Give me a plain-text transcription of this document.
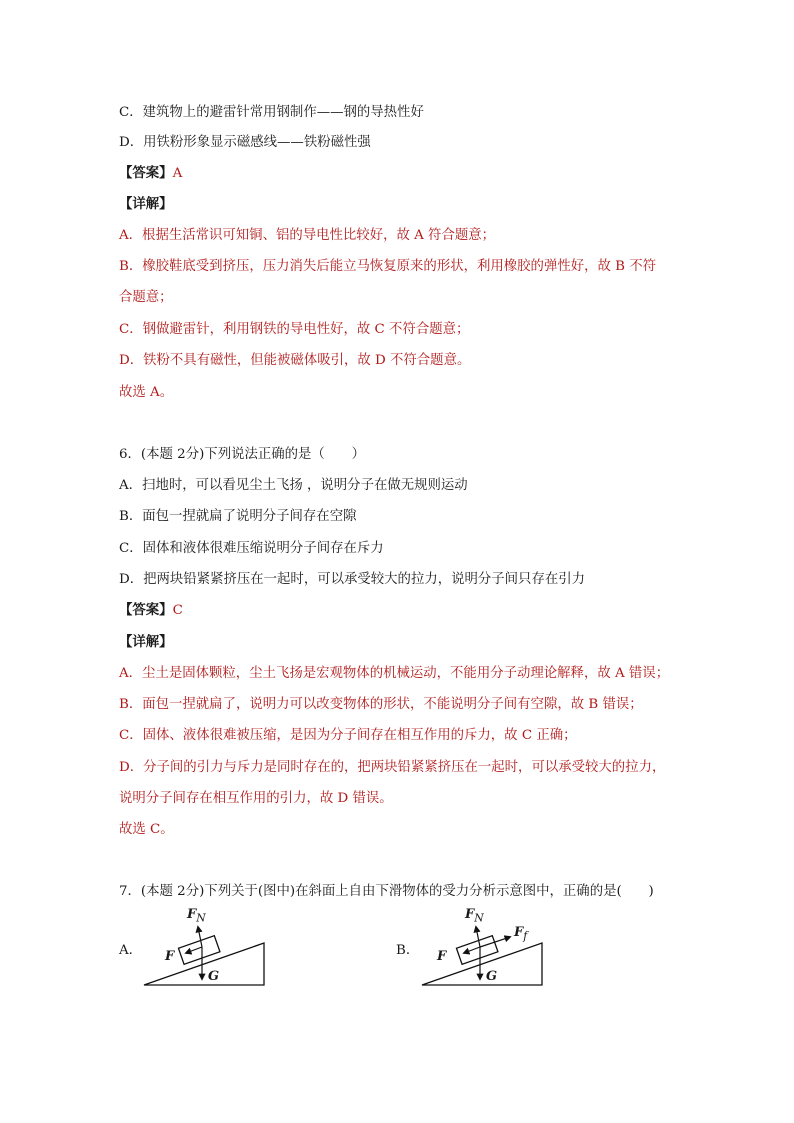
C．建筑物上的避雷针常用钢制作——钢的导热性好
D．用铁粉形象显示磁感线——铁粉磁性强
【答案】A
【详解】
A．根据生活常识可知铜、铝的导电性比较好，故 A 符合题意；
B．橡胶鞋底受到挤压，压力消失后能立马恢复原来的形状，利用橡胶的弹性好，故 B 不符
合题意；
C．钢做避雷针，利用钢铁的导电性好，故 C 不符合题意；
D．铁粉不具有磁性，但能被磁体吸引，故 D 不符合题意。
故选 A。
6．(本题 2分)下列说法正确的是（　　）
A．扫地时，可以看见尘土飞扬 ，说明分子在做无规则运动
B．面包一捏就扁了说明分子间存在空隙
C．固体和液体很难压缩说明分子间存在斥力
D．把两块铅紧紧挤压在一起时，可以承受较大的拉力，说明分子间只存在引力
【答案】C
【详解】
A．尘土是固体颗粒，尘土飞扬是宏观物体的机械运动，不能用分子动理论解释，故 A 错误；
B．面包一捏就扁了，说明力可以改变物体的形状，不能说明分子间有空隙，故 B 错误；
C．固体、液体很难被压缩，是因为分子间存在相互作用的斥力，故 C 正确；
D．分子间的引力与斥力是同时存在的，把两块铅紧紧挤压在一起时，可以承受较大的拉力，
说明分子间存在相互作用的引力，故 D 错误。
故选 C。
7．(本题 2分)下列关于(图中)在斜面上自由下滑物体的受力分析示意图中，正确的是(　　)
A．	B．
$F_N$
F
G
$F_N$
$F_f$
F
G
